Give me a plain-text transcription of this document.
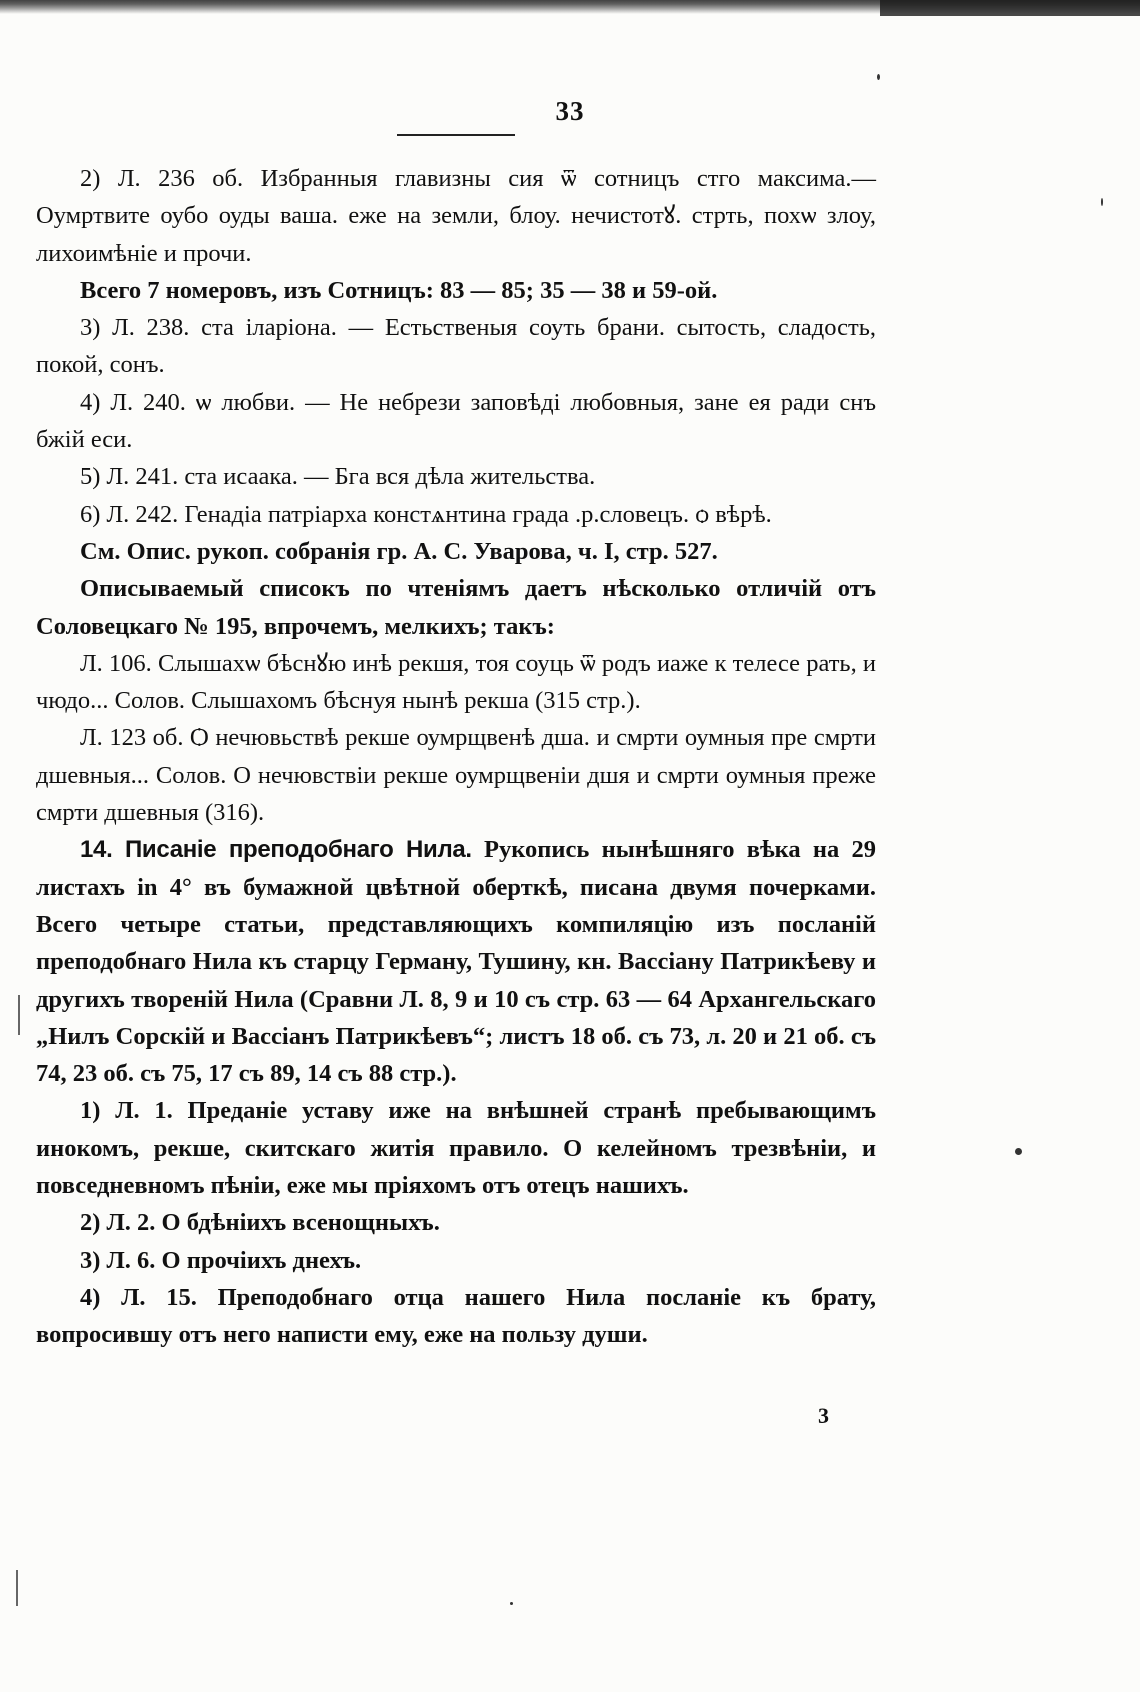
33

2) Л. 236 об. Избранныя главизны сия ѿ сотницъ стго максима.— Оумртвите оубо оуды ваша. еже на земли, блоу. нечистотꙋ. стрть, похѡ злоу, лихоимѣніе и прочи.

Всего 7 номеровъ, изъ Сотницъ: 83 — 85; 35 — 38 и 59-ой.

3) Л. 238. ста іларіона. — Естьственыя соуть брани. сытость, сладость, покой, сонъ.

4) Л. 240. ѡ любви. — Не небрези заповѣді любовныя, зане ея ради снъ бжій еси.

5) Л. 241. ста исаака. — Бга вся дѣла жительства.

6) Л. 242. Генадіа патріарха констѧнтина града .р.словецъ. ѻ вѣрѣ.

См. Опис. рукоп. собранія гр. А. С. Уварова, ч. I, стр. 527.

Описываемый списокъ по чтеніямъ даетъ нѣсколько отличій отъ Соловецкаго № 195, впрочемъ, мелкихъ; такъ:

Л. 106. Слышахѡ бѣснꙋю инѣ рекшя, тоя соуць ѿ родъ иаже к телесе рать, и чюдо... Солов. Слышахомъ бѣснуя нынѣ рекша (315 стр.).

Л. 123 об. Ѻ нечювьствѣ рекше оумрщвенѣ дша. и смрти оумныя пре смрти дшевныя... Солов. О нечювствіи рекше оумрщвеніи дшя и смрти оумныя преже смрти дшевныя (316).

14. Писаніе преподобнаго Нила. Рукопись нынѣшняго вѣка на 29 листахъ in 4° въ бумажной цвѣтной оберткѣ, писана двумя почерками. Всего четыре статьи, представляющихъ компиляцію изъ посланій преподобнаго Нила къ старцу Герману, Тушину, кн. Вассіану Патрикѣеву и другихъ твореній Нила (Сравни Л. 8, 9 и 10 съ стр. 63 — 64 Архангельскаго „Нилъ Сорскій и Вассіанъ Патрикѣевъ“; листъ 18 об. съ 73, л. 20 и 21 об. съ 74, 23 об. съ 75, 17 съ 89, 14 съ 88 стр.).

1) Л. 1. Преданіе уставу иже на внѣшней странѣ пребывающимъ инокомъ, рекше, скитскаго житія правило. О келейномъ трезвѣніи, и повседневномъ пѣніи, еже мы пріяхомъ отъ отецъ нашихъ.

2) Л. 2. О бдѣніихъ всенощныхъ.

3) Л. 6. О прочіихъ днехъ.

4) Л. 15. Преподобнаго отца нашего Нила посланіе къ брату, вопросившу отъ него написти ему, еже на пользу души.

3
